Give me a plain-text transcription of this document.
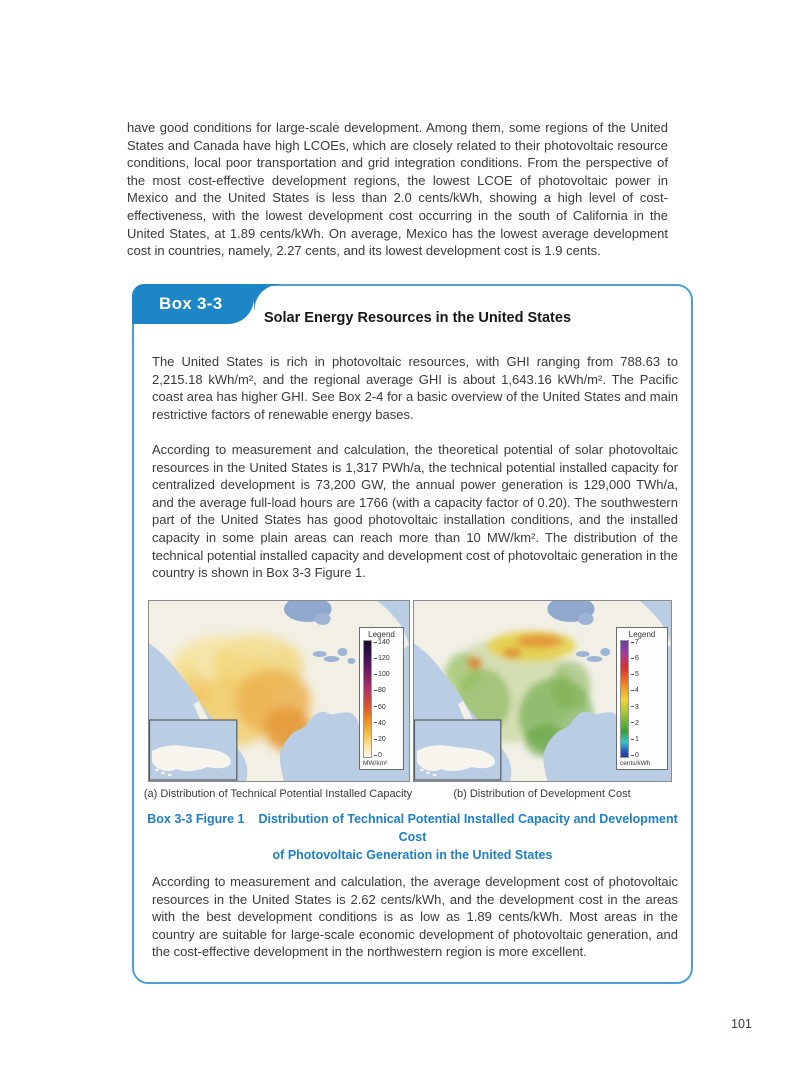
have good conditions for large-scale development. Among them, some regions of the United States and Canada have high LCOEs, which are closely related to their photovoltaic resource conditions, local poor transportation and grid integration conditions. From the perspective of the most cost-effective development regions, the lowest LCOE of photovoltaic power in Mexico and the United States is less than 2.0 cents/kWh, showing a high level of cost-effectiveness, with the lowest development cost occurring in the south of California in the United States, at 1.89 cents/kWh. On average, Mexico has the lowest average development cost in countries, namely, 2.27 cents, and its lowest development cost is 1.9 cents.

Box 3-3
Solar Energy Resources in the United States

The United States is rich in photovoltaic resources, with GHI ranging from 788.63 to 2,215.18 kWh/m², and the regional average GHI is about 1,643.16 kWh/m². The Pacific coast area has higher GHI. See Box 2-4 for a basic overview of the United States and main restrictive factors of renewable energy bases.

According to measurement and calculation, the theoretical potential of solar photovoltaic resources in the United States is 1,317 PWh/a, the technical potential installed capacity for centralized development is 73,200 GW, the annual power generation is 129,000 TWh/a, and the average full-load hours are 1766 (with a capacity factor of 0.20). The southwestern part of the United States has good photovoltaic installation conditions, and the installed capacity in some plain areas can reach more than 10 MW/km². The distribution of the technical potential installed capacity and development cost of photovoltaic generation in the country is shown in Box 3-3 Figure 1.

Legend
140
120
100
80
60
40
20
0
MW/km²
Legend
7
6
5
4
3
2
1
0
cents/kWh
(a) Distribution of Technical Potential Installed Capacity	(b) Distribution of Development Cost
Box 3-3 Figure 1 Distribution of Technical Potential Installed Capacity and Development Cost
of Photovoltaic Generation in the United States

According to measurement and calculation, the average development cost of photovoltaic resources in the United States is 2.62 cents/kWh, and the development cost in the areas with the best development conditions is as low as 1.89 cents/kWh. Most areas in the country are suitable for large-scale economic development of photovoltaic generation, and the cost-effective development in the northwestern region is more excellent.

101
